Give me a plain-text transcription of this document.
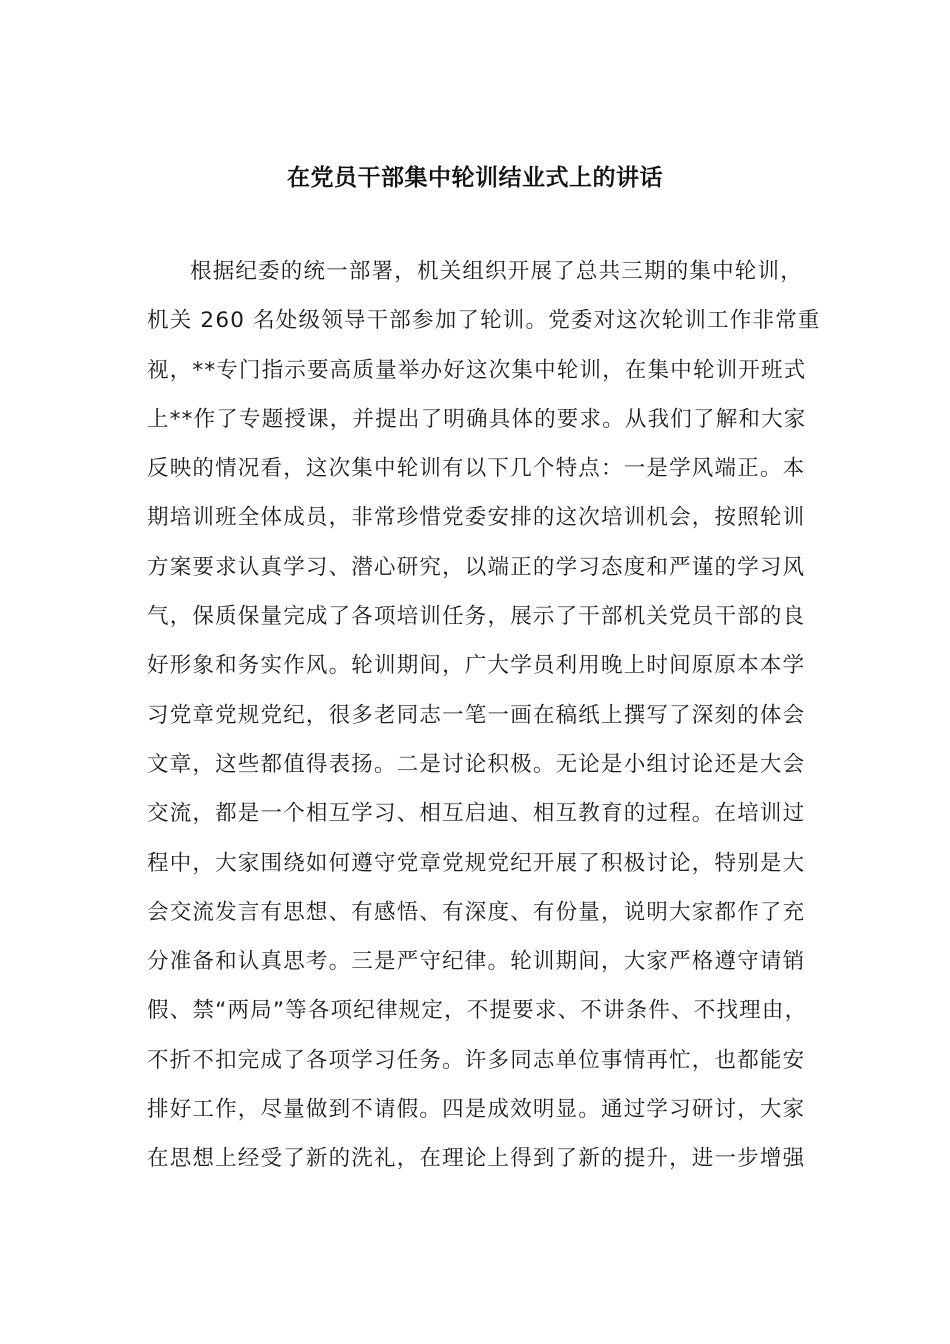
在党员干部集中轮训结业式上的讲话
根据纪委的统一部署，机关组织开展了总共三期的集中轮训，
机关 260 名处级领导干部参加了轮训。党委对这次轮训工作非常重
视，**专门指示要高质量举办好这次集中轮训，在集中轮训开班式
上**作了专题授课，并提出了明确具体的要求。从我们了解和大家
反映的情况看，这次集中轮训有以下几个特点：一是学风端正。本
期培训班全体成员，非常珍惜党委安排的这次培训机会，按照轮训
方案要求认真学习、潜心研究，以端正的学习态度和严谨的学习风
气，保质保量完成了各项培训任务，展示了干部机关党员干部的良
好形象和务实作风。轮训期间，广大学员利用晚上时间原原本本学
习党章党规党纪，很多老同志一笔一画在稿纸上撰写了深刻的体会
文章，这些都值得表扬。二是讨论积极。无论是小组讨论还是大会
交流，都是一个相互学习、相互启迪、相互教育的过程。在培训过
程中，大家围绕如何遵守党章党规党纪开展了积极讨论，特别是大
会交流发言有思想、有感悟、有深度、有份量，说明大家都作了充
分准备和认真思考。三是严守纪律。轮训期间，大家严格遵守请销
假、禁“两局”等各项纪律规定，不提要求、不讲条件、不找理由，
不折不扣完成了各项学习任务。许多同志单位事情再忙，也都能安
排好工作，尽量做到不请假。四是成效明显。通过学习研讨，大家
在思想上经受了新的洗礼，在理论上得到了新的提升，进一步增强
